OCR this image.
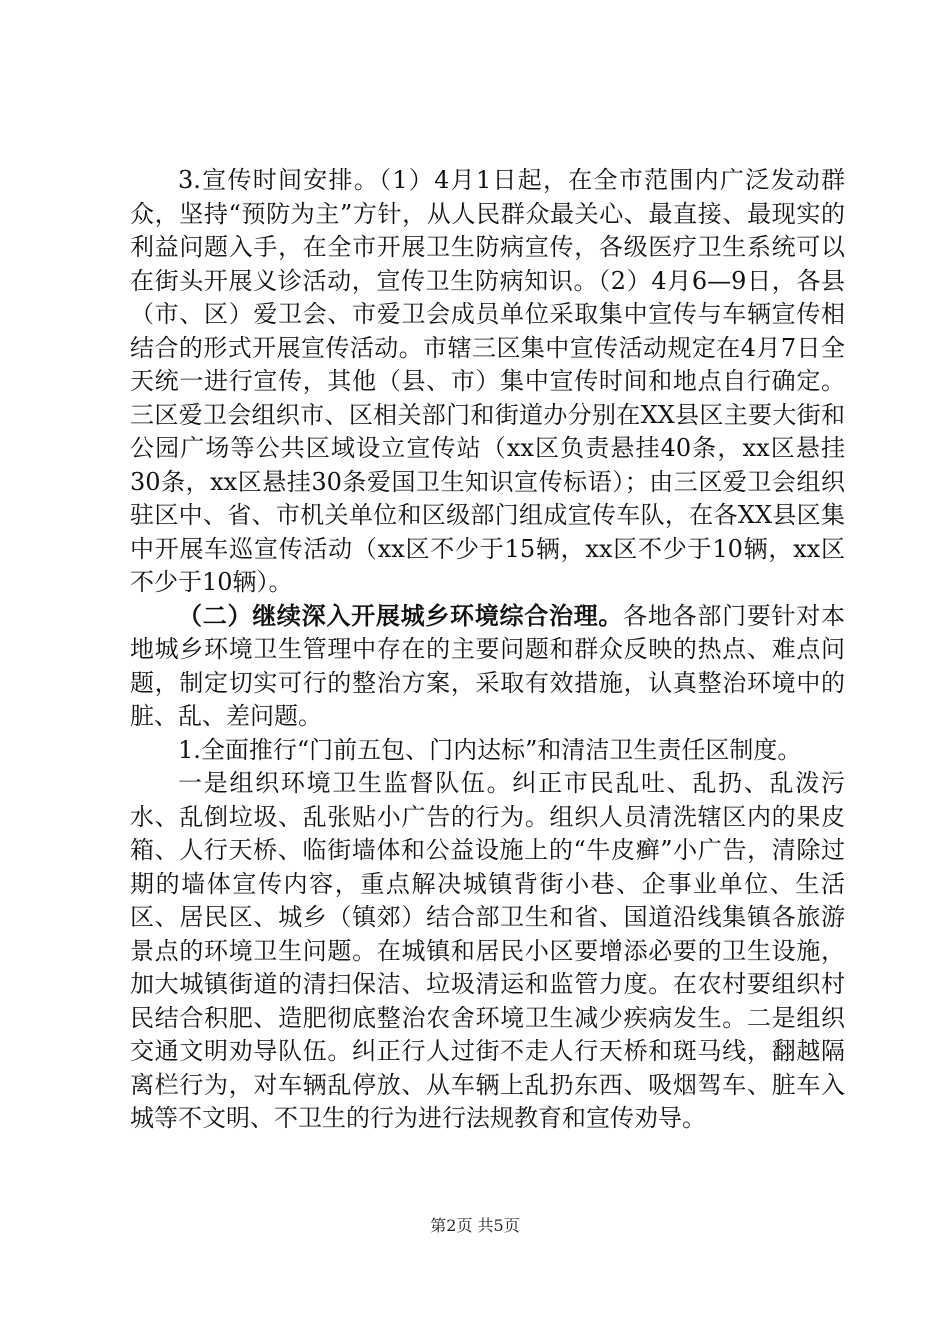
3.宣传时间安排。（1）4月1日起，在全市范围内广泛发动群众，坚持“预防为主”方针，从人民群众最关心、最直接、最现实的利益问题入手，在全市开展卫生防病宣传，各级医疗卫生系统可以在街头开展义诊活动，宣传卫生防病知识。（2）4月6—9日，各县（市、区）爱卫会、市爱卫会成员单位采取集中宣传与车辆宣传相结合的形式开展宣传活动。市辖三区集中宣传活动规定在4月7日全天统一进行宣传，其他（县、市）集中宣传时间和地点自行确定。三区爱卫会组织市、区相关部门和街道办分别在XX县区主要大街和公园广场等公共区域设立宣传站（xx区负责悬挂40条，xx区悬挂30条，xx区悬挂30条爱国卫生知识宣传标语）；由三区爱卫会组织驻区中、省、市机关单位和区级部门组成宣传车队，在各XX县区集中开展车巡宣传活动（xx区不少于15辆，xx区不少于10辆，xx区不少于10辆）。

（二）继续深入开展城乡环境综合治理。各地各部门要针对本地城乡环境卫生管理中存在的主要问题和群众反映的热点、难点问题，制定切实可行的整治方案，采取有效措施，认真整治环境中的脏、乱、差问题。

1.全面推行“门前五包、门内达标”和清洁卫生责任区制度。

一是组织环境卫生监督队伍。纠正市民乱吐、乱扔、乱泼污水、乱倒垃圾、乱张贴小广告的行为。组织人员清洗辖区内的果皮箱、人行天桥、临街墙体和公益设施上的“牛皮癣”小广告，清除过期的墙体宣传内容，重点解决城镇背街小巷、企事业单位、生活区、居民区、城乡（镇郊）结合部卫生和省、国道沿线集镇各旅游景点的环境卫生问题。在城镇和居民小区要增添必要的卫生设施，加大城镇街道的清扫保洁、垃圾清运和监管力度。在农村要组织村民结合积肥、造肥彻底整治农舍环境卫生减少疾病发生。二是组织交通文明劝导队伍。纠正行人过街不走人行天桥和斑马线，翻越隔离栏行为，对车辆乱停放、从车辆上乱扔东西、吸烟驾车、脏车入城等不文明、不卫生的行为进行法规教育和宣传劝导。

第2页 共5页
